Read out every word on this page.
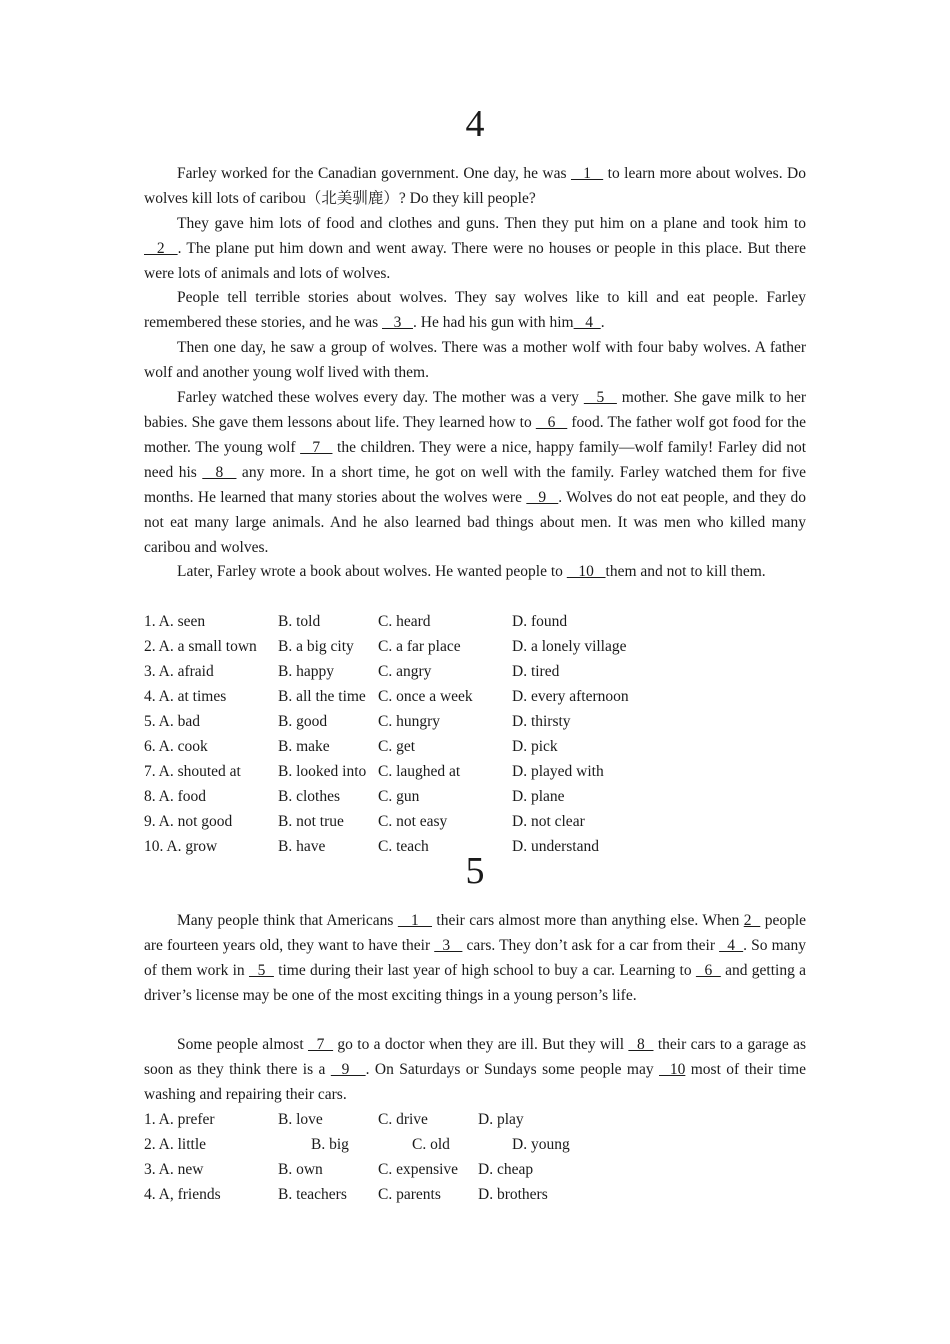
4

Farley worked for the Canadian government. One day, he was  _1_  to learn more about wolves. Do wolves kill lots of caribou（北美驯鹿）? Do they kill people?

They gave him lots of food and clothes and guns. Then they put him on a plane and took him to  _2_ . The plane put him down and went away. There were no houses or people in this place. But there were lots of animals and lots of wolves.

People tell terrible stories about wolves. They say wolves like to kill and eat people. Farley remembered these stories, and he was    3   . He had his gun with him   4  .

Then one day, he saw a group of wolves. There was a mother wolf with four baby wolves. A father wolf and another young wolf lived with them.

Farley watched these wolves every day. The mother was a very  _5_  mother. She gave milk to her babies. She gave them lessons about life. They learned how to  _6_  food. The father wolf got food for the mother. The young wolf  _7_  the children. They were a nice, happy family—wolf family! Farley did not need his  _8_  any more. In a short time, he got on well with the family. Farley watched them for five months. He learned that many stories about the wolves were  _9_ . Wolves do not eat people, and they do not eat many large animals. And he also learned bad things about men. It was men who killed many caribou and wolves.

Later, Farley wrote a book about wolves. He wanted people to  _10_ them and not to kill them.

1. A. seen	B. told	C. heard	D. found
2. A. a small town B. a big city C. a far place	D. a lonely village
3. A. afraid	B. happy	C. angry	D. tired
4. A. at times	B. all the time C. once a week	D. every afternoon
5. A. bad	B. good	C. hungry	D. thirsty
6. A. cook	B. make	C. get	D. pick
7. A. shouted at B. looked into C. laughed at	D. played with
8. A. food	B. clothes C. gun	D. plane
9. A. not good	B. not true C. not easy	D. not clear
10. A. grow	B. have	C. teach	D. understand
5

Many people think that Americans    1    their cars almost more than anything else. When 2   people are fourteen years old, they want to have their   3    cars. They don’t ask for a car from their   4  . So many of them work in   5   time during their last year of high school to buy a car. Learning to   6   and getting a driver’s license may be one of the most exciting things in a young person’s life.

Some people almost   7   go to a doctor when they are ill. But they will   8   their cars to a garage as soon as they think there is a   9   . On Saturdays or Sundays some people may   10 most of their time washing and repairing their cars.

1. A. prefer	B. love	C. drive	D. play
2. A. little	B. big	C. old	D. young
3. A. new	B. own	C. expensive D. cheap
4. A, friends	B. teachers C. parents D. brothers
